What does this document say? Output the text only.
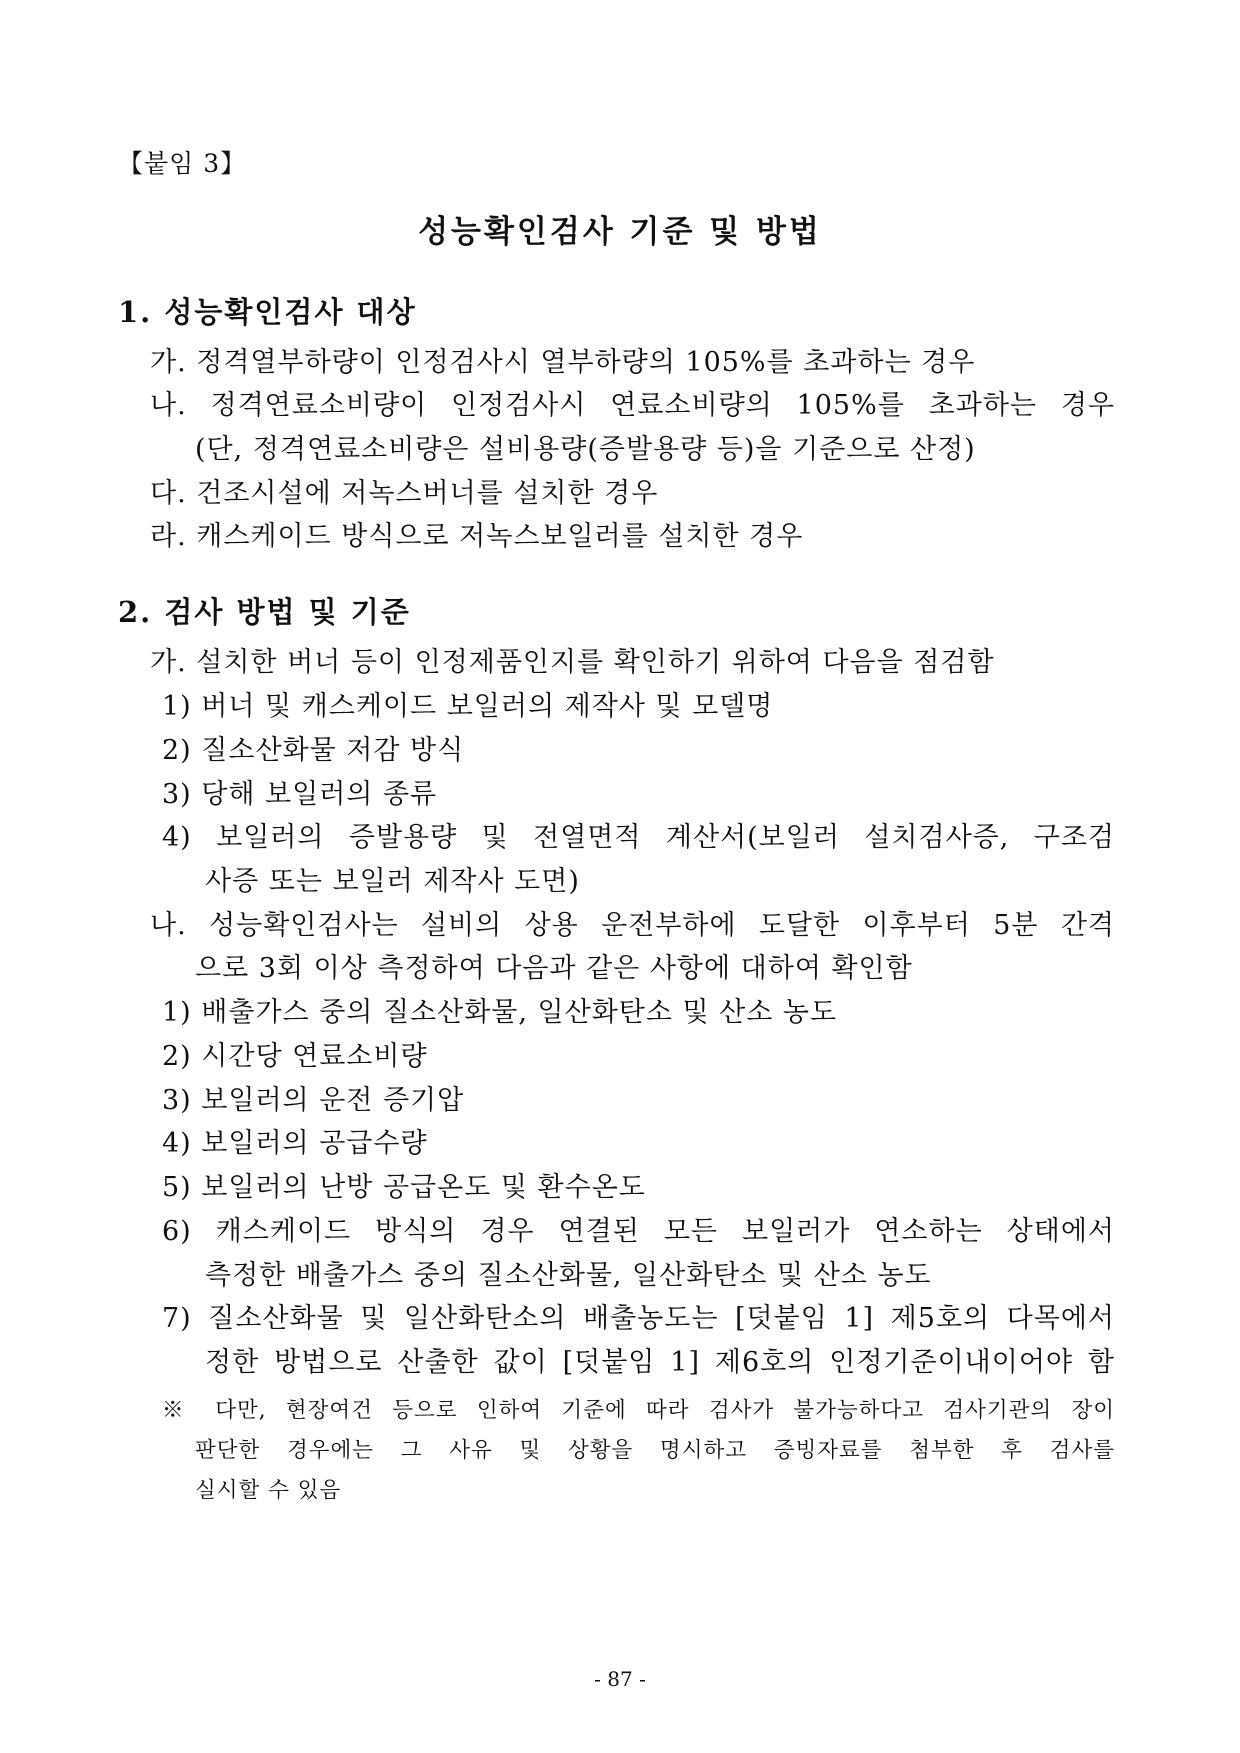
【붙임 3】
성능확인검사 기준 및 방법
1. 성능확인검사 대상
가. 정격열부하량이 인정검사시 열부하량의 105%를 초과하는 경우
나. 정격연료소비량이 인정검사시 연료소비량의 105%를 초과하는 경우
(단, 정격연료소비량은 설비용량(증발용량 등)을 기준으로 산정)
다. 건조시설에 저녹스버너를 설치한 경우
라. 캐스케이드 방식으로 저녹스보일러를 설치한 경우
2. 검사 방법 및 기준
가. 설치한 버너 등이 인정제품인지를 확인하기 위하여 다음을 점검함
1) 버너 및 캐스케이드 보일러의 제작사 및 모델명
2) 질소산화물 저감 방식
3) 당해 보일러의 종류
4) 보일러의 증발용량 및 전열면적 계산서(보일러 설치검사증, 구조검
사증 또는 보일러 제작사 도면)
나. 성능확인검사는 설비의 상용 운전부하에 도달한 이후부터 5분 간격
으로 3회 이상 측정하여 다음과 같은 사항에 대하여 확인함
1) 배출가스 중의 질소산화물, 일산화탄소 및 산소 농도
2) 시간당 연료소비량
3) 보일러의 운전 증기압
4) 보일러의 공급수량
5) 보일러의 난방 공급온도 및 환수온도
6) 캐스케이드 방식의 경우 연결된 모든 보일러가 연소하는 상태에서
측정한 배출가스 중의 질소산화물, 일산화탄소 및 산소 농도
7) 질소산화물 및 일산화탄소의 배출농도는 [덧붙임 1] 제5호의 다목에서
정한 방법으로 산출한 값이 [덧붙임 1] 제6호의 인정기준이내이어야 함
※ 다만, 현장여건 등으로 인하여 기준에 따라 검사가 불가능하다고 검사기관의 장이
판단한 경우에는 그 사유 및 상황을 명시하고 증빙자료를 첨부한 후 검사를
실시할 수 있음
- 87 -
